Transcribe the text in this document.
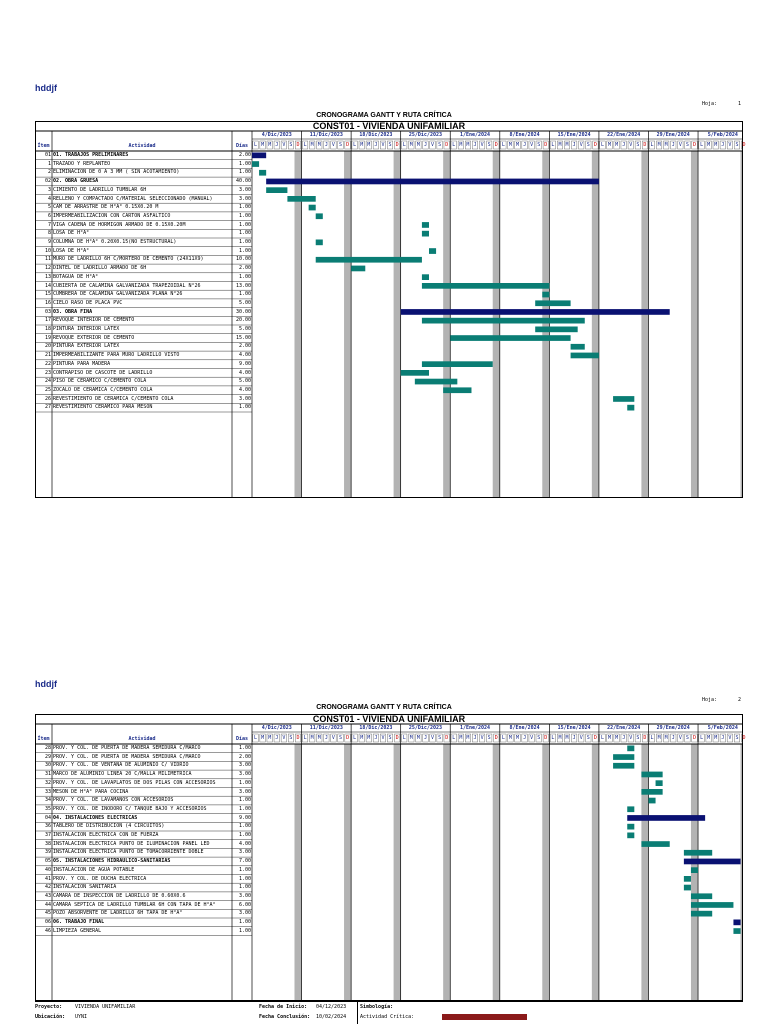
hddjf
Hoja:	1
CRONOGRAMA GANTT Y RUTA CRÍTICA
CONST01 - VIVIENDA UNIFAMILIAR
Ítem	Actividad	Días
4/Dic/2023
L M M J V S D
11/Dic/2023
L M M J V S D
18/Dic/2023
L M M J V S D
25/Dic/2023
L M M J V S D
1/Ene/2024
L M M J V S D
8/Ene/2024
L M M J V S D
15/Ene/2024
L M M J V S D
22/Ene/2024
L M M J V S D
29/Ene/2024
L M M J V S D
5/Feb/2024
L M M J V S D
01 01. TRABAJOS PRELIMINARES	2.00
1 TRAZADO Y REPLANTEO	1.00
2 ELIMINACION DE 0 A 3 MM ( SIN ACOTAMIENTO)	1.00
02 02. OBRA GRUESA	40.00
3 CIMIENTO DE LADRILLO TUMBLAR 6H	3.00
4 RELLENO Y COMPACTADO C/MATERIAL SELECCIONADO (MANUAL)	3.00
5 CAM DE ARRASTRE DE H°A° 0.15X0.20 M	1.00
6 IMPERMEABILIZACION CON CARTON ASFALTICO	1.00
7 VIGA CADENA DE HORMIGON ARMADO DE 0.15X0.20M	1.00
8 LOSA DE H°A°	1.00
9 COLUMNA DE H°A° 0.20X0.15(NO ESTRUCTURAL)	1.00
10 LOSA DE H°A°	1.00
11 MURO DE LADRILLO 6H C/MORTERO DE CEMENTO (24X11X9)	10.00
12 DINTEL DE LADRILLO ARMADO DE 6H	2.00
13 BOTAGUA DE H°A°	1.00
14 CUBIERTA DE CALAMINA GALVANIZADA TRAPEZOIDAL N°26	13.00
15 CUMBRERA DE CALAMINA GALVANIZADA PLANA N°26	1.00
16 CIELO RASO DE PLACA PVC	5.00
03 03. OBRA FINA	30.00
17 REVOQUE INTERIOR DE CEMENTO	20.00
18 PINTURA INTERIOR LATEX	5.00
19 REVOQUE EXTERIOR DE CEMENTO	15.00
20 PINTURA EXTERIOR LATEX	2.00
21 IMPERMEABILIZANTE PARA MURO LADRILLO VISTO	4.00
22 PINTURA PARA MADERA	9.00
23 CONTRAPISO DE CASCOTE DE LADRILLO	4.00
24 PISO DE CERAMICO C/CEMENTO COLA	5.00
25 ZOCALO DE CERAMICA C/CEMENTO COLA	4.00
26 REVESTIMIENTO DE CERAMICA C/CEMENTO COLA	3.00
27 REVESTIMIENTO CERAMICO PARA MESON	1.00
hddjf
Hoja:	2
CRONOGRAMA GANTT Y RUTA CRÍTICA
CONST01 - VIVIENDA UNIFAMILIAR
Ítem	Actividad	Días
4/Dic/2023
L M M J V S D
11/Dic/2023
L M M J V S D
18/Dic/2023
L M M J V S D
25/Dic/2023
L M M J V S D
1/Ene/2024
L M M J V S D
8/Ene/2024
L M M J V S D
15/Ene/2024
L M M J V S D
22/Ene/2024
L M M J V S D
29/Ene/2024
L M M J V S D
5/Feb/2024
L M M J V S D
28 PROV. Y COL. DE PUERTA DE MADERA SEMIDURA C/MARCO	1.00
29 PROV. Y COL. DE PUERTA DE MADERA SEMIDURA C/MARCO	2.00
30 PROV. Y COL. DE VENTANA DE ALUMINIO C/ VIDRIO	3.00
31 MARCO DE ALUMINIO LINEA 20 C/MALLA MILIMETRICA	3.00
32 PROV. Y COL. DE LAVAPLATOS DE DOS PILAS CON ACCESORIOS	1.00
33 MESON DE H°A° PARA COCINA	3.00
34 PROV. Y COL. DE LAVAMANOS CON ACCESORIOS	1.00
35 PROV. Y COL. DE INODORO C/ TANQUE BAJO Y ACCESORIOS	1.00
04 04. INSTALACIONES ELECTRICAS	9.00
36 TABLERO DE DISTRIBUCION (4 CIRCUITOS)	1.00
37 INSTALACION ELECTRICA CON DE FUERZA	1.00
38 INSTALACION ELECTRICA PUNTO DE ILUMINACION PANEL LED	4.00
39 INSTALACION ELECTRICA PUNTO DE TOMACORRIENTE DOBLE	3.00
05 05. INSTALACIONES HIDRAULICO-SANITARIAS	7.00
40 INSTALACION DE AGUA POTABLE	1.00
41 PROV. Y COL. DE DUCHA ELECTRICA	1.00
42 INSTALACION SANITARIA	1.00
43 CAMARA DE INSPECCION DE LADRILLO DE 0.60X0.6	3.00
44 CAMARA SEPTICA DE LADRILLO TUMBLAR 6H CON TAPA DE H°A°	6.00
45 POZO ABSORVENTE DE LADRILLO 6H TAPA DE H°A°	3.00
06 06. TRABAJO FINAL	1.00
46 LIMPIEZA GENERAL	1.00
Proyecto:	VIVIENDA UNIFAMILIAR
Ubicación: UYNI
Fecha de Inicio: 04/12/2023
Fecha Conclusión: 10/02/2024
Simbología:
Actividad Crítica:
